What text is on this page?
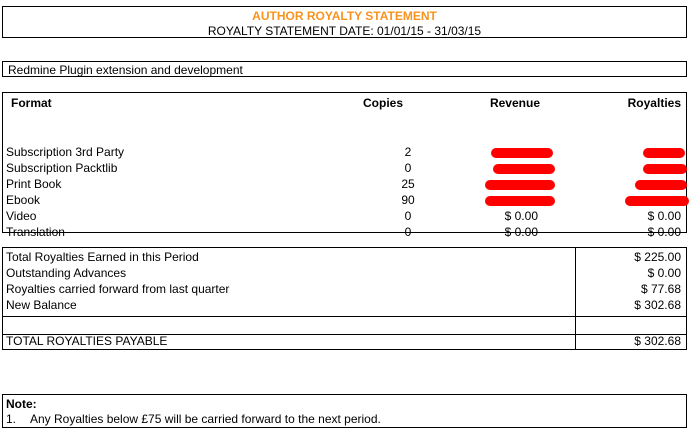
AUTHOR ROYALTY STATEMENT
ROYALTY STATEMENT DATE: 01/01/15 - 31/03/15
Redmine Plugin extension and development
Format	Copies	Revenue	Royalties
Subscription 3rd Party	2
Subscription Packtlib	0
Print Book	25
Ebook	90
Video	0	$ 0.00	$ 0.00
Translation	0	$ 0.00	$ 0.00
Total Royalties Earned in this Period	$ 225.00
Outstanding Advances	$ 0.00
Royalties carried forward from last quarter	$ 77.68
New Balance	$ 302.68
TOTAL ROYALTIES PAYABLE	$ 302.68
Note:
1. Any Royalties below £75 will be carried forward to the next period.
